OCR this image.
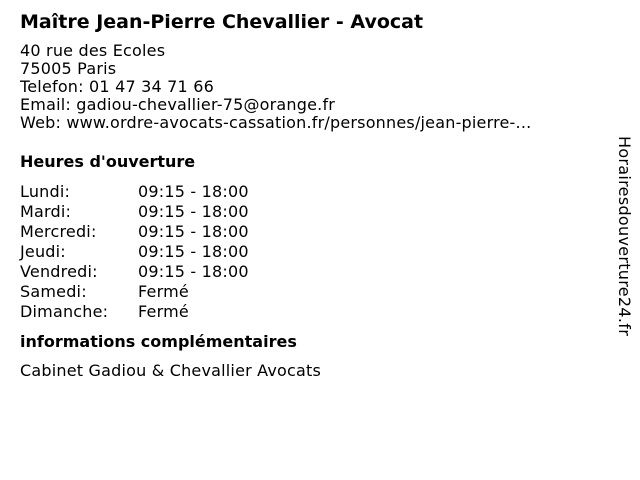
Maître Jean-Pierre Chevallier - Avocat
40 rue des Ecoles
75005 Paris
Telefon: 01 47 34 71 66
Email: gadiou-chevallier-75@orange.fr
Web: www.ordre-avocats-cassation.fr/personnes/jean-pierre-...
Heures d'ouverture
Lundi:	09:15 - 18:00
Mardi:	09:15 - 18:00
Mercredi:	09:15 - 18:00
Jeudi:	09:15 - 18:00
Vendredi:	09:15 - 18:00
Samedi:	Fermé
Dimanche:	Fermé
informations complémentaires
Cabinet Gadiou & Chevallier Avocats
Horairesdouverture24.fr
